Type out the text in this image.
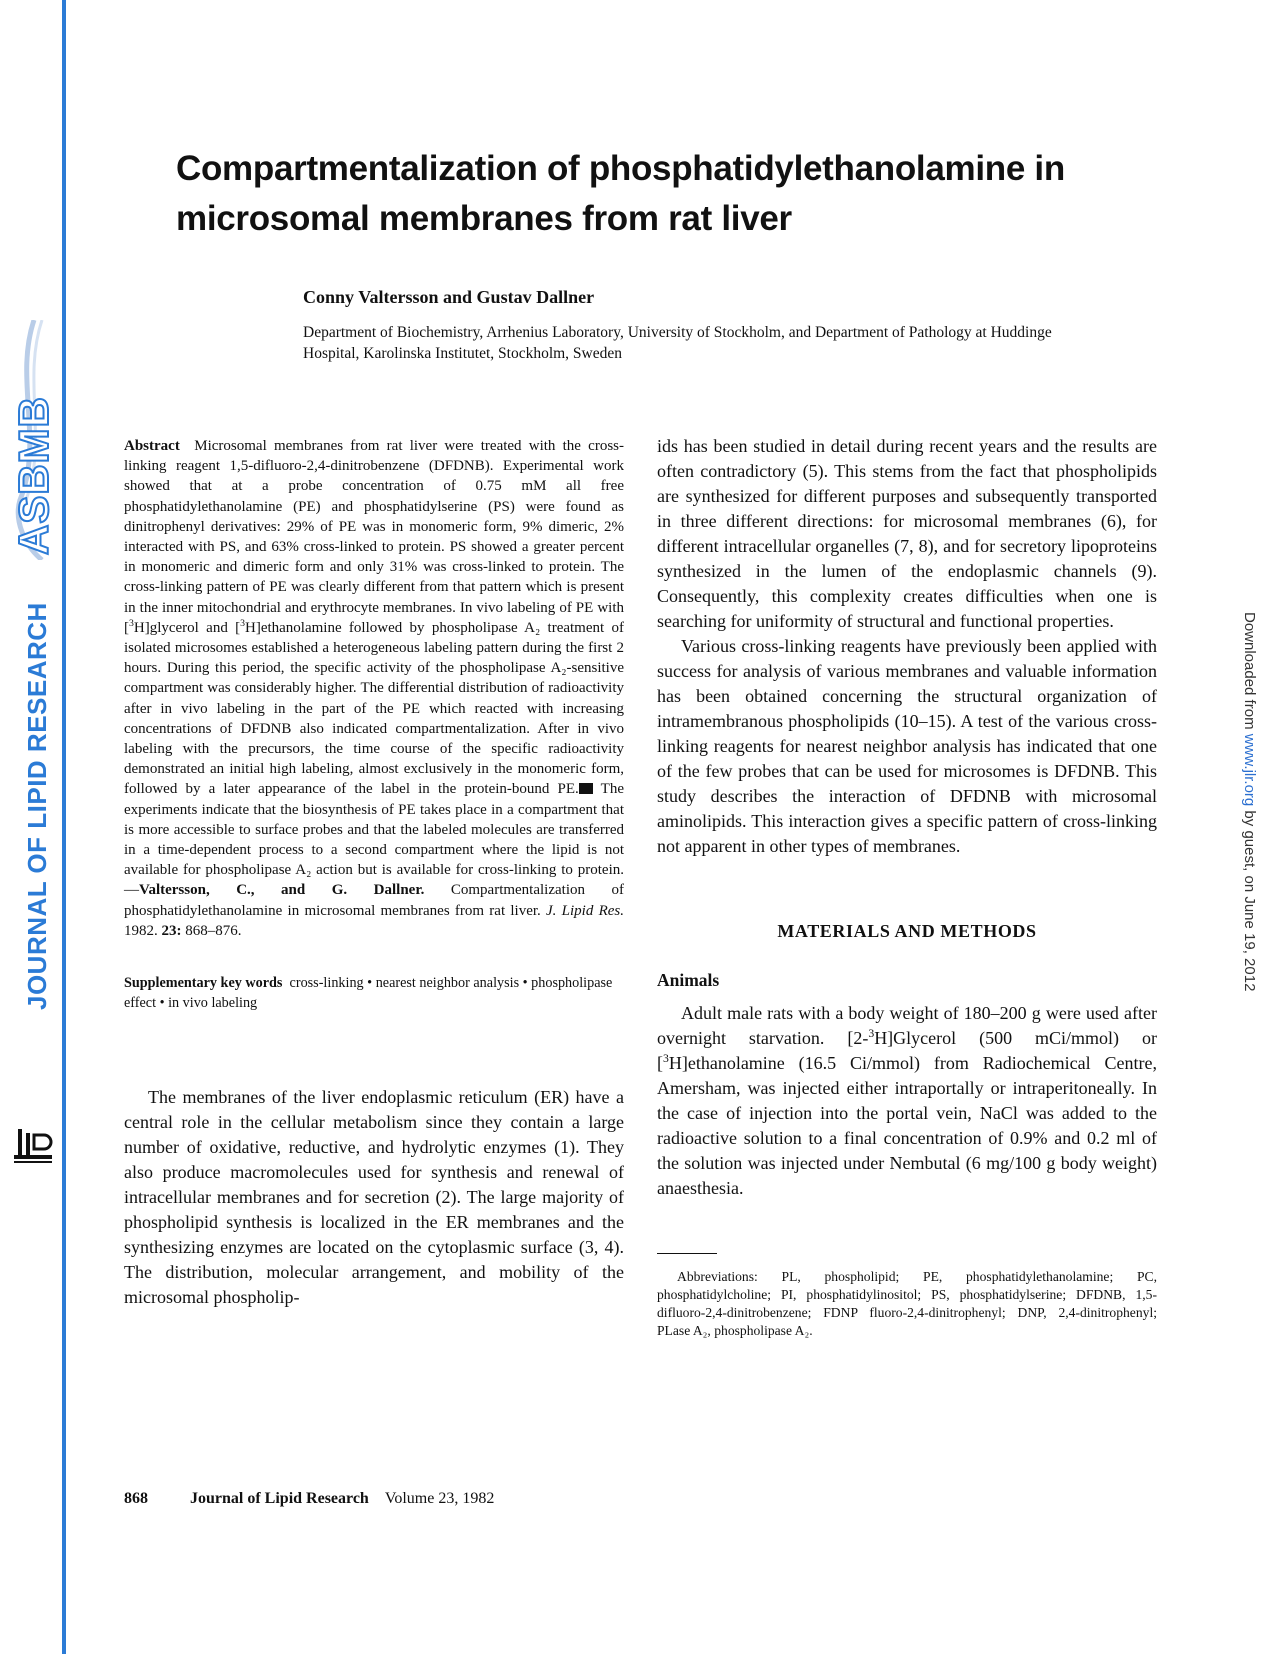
ASBMB
JOURNAL OF LIPID RESEARCH	Downloaded from www.jlr.org by guest, on June 19, 2012
Compartmentalization of phosphatidylethanolamine in microsomal membranes from rat liver

Conny Valtersson and Gustav Dallner

Department of Biochemistry, Arrhenius Laboratory, University of Stockholm, and Department of Pathology at Huddinge Hospital, Karolinska Institutet, Stockholm, Sweden

Abstract Microsomal membranes from rat liver were treated with the cross-linking reagent 1,5-difluoro-2,4-dinitrobenzene (DFDNB). Experimental work showed that at a probe concentration of 0.75 mM all free phosphatidylethanolamine (PE) and phosphatidylserine (PS) were found as dinitrophenyl derivatives: 29% of PE was in monomeric form, 9% dimeric, 2% interacted with PS, and 63% cross-linked to protein. PS showed a greater percent in monomeric and dimeric form and only 31% was cross-linked to protein. The cross-linking pattern of PE was clearly different from that pattern which is present in the inner mitochondrial and erythrocyte membranes. In vivo labeling of PE with [$^3$H]glycerol and [$^3$H]ethanolamine followed by phospholipase A₂ treatment of isolated microsomes established a heterogeneous labeling pattern during the first 2 hours. During this period, the specific activity of the phospholipase A₂-sensitive compartment was considerably higher. The differential distribution of radioactivity after in vivo labeling in the part of the PE which reacted with increasing concentrations of DFDNB also indicated compartmentalization. After in vivo labeling with the precursors, the time course of the specific radioactivity demonstrated an initial high labeling, almost exclusively in the monomeric form, followed by a later appearance of the label in the protein-bound PE. The experiments indicate that the biosynthesis of PE takes place in a compartment that is more accessible to surface probes and that the labeled molecules are transferred in a time-dependent process to a second compartment where the lipid is not available for phospholipase A₂ action but is available for cross-linking to protein.—Valtersson, C., and G. Dallner. Compartmentalization of phosphatidylethanolamine in microsomal membranes from rat liver. J. Lipid Res. 1982. 23: 868–876.

Supplementary key words cross-linking • nearest neighbor analysis • phospholipase effect • in vivo labeling

The membranes of the liver endoplasmic reticulum (ER) have a central role in the cellular metabolism since they contain a large number of oxidative, reductive, and hydrolytic enzymes (1). They also produce macromolecules used for synthesis and renewal of intracellular membranes and for secretion (2). The large majority of phospholipid synthesis is localized in the ER membranes and the synthesizing enzymes are located on the cytoplasmic surface (3, 4). The distribution, molecular arrangement, and mobility of the microsomal phospholip-

ids has been studied in detail during recent years and the results are often contradictory (5). This stems from the fact that phospholipids are synthesized for different purposes and subsequently transported in three different directions: for microsomal membranes (6), for different intracellular organelles (7, 8), and for secretory lipoproteins synthesized in the lumen of the endoplasmic channels (9). Consequently, this complexity creates difficulties when one is searching for uniformity of structural and functional properties.

Various cross-linking reagents have previously been applied with success for analysis of various membranes and valuable information has been obtained concerning the structural organization of intramembranous phospholipids (10–15). A test of the various cross-linking reagents for nearest neighbor analysis has indicated that one of the few probes that can be used for microsomes is DFDNB. This study describes the interaction of DFDNB with microsomal aminolipids. This interaction gives a specific pattern of cross-linking not apparent in other types of membranes.

MATERIALS AND METHODS
Animals

Adult male rats with a body weight of 180–200 g were used after overnight starvation. [2-$^3$H]Glycerol (500 mCi/mmol) or [$^3$H]ethanolamine (16.5 Ci/mmol) from Radiochemical Centre, Amersham, was injected either intraportally or intraperitoneally. In the case of injection into the portal vein, NaCl was added to the radioactive solution to a final concentration of 0.9% and 0.2 ml of the solution was injected under Nembutal (6 mg/100 g body weight) anaesthesia.

Abbreviations: PL, phospholipid; PE, phosphatidylethanolamine; PC, phosphatidylcholine; PI, phosphatidylinositol; PS, phosphatidylserine; DFDNB, 1,5-difluoro-2,4-dinitrobenzene; FDNP fluoro-2,4-dinitrophenyl; DNP, 2,4-dinitrophenyl; PLase A₂, phospholipase A₂.

868	Journal of Lipid Research Volume 23, 1982
